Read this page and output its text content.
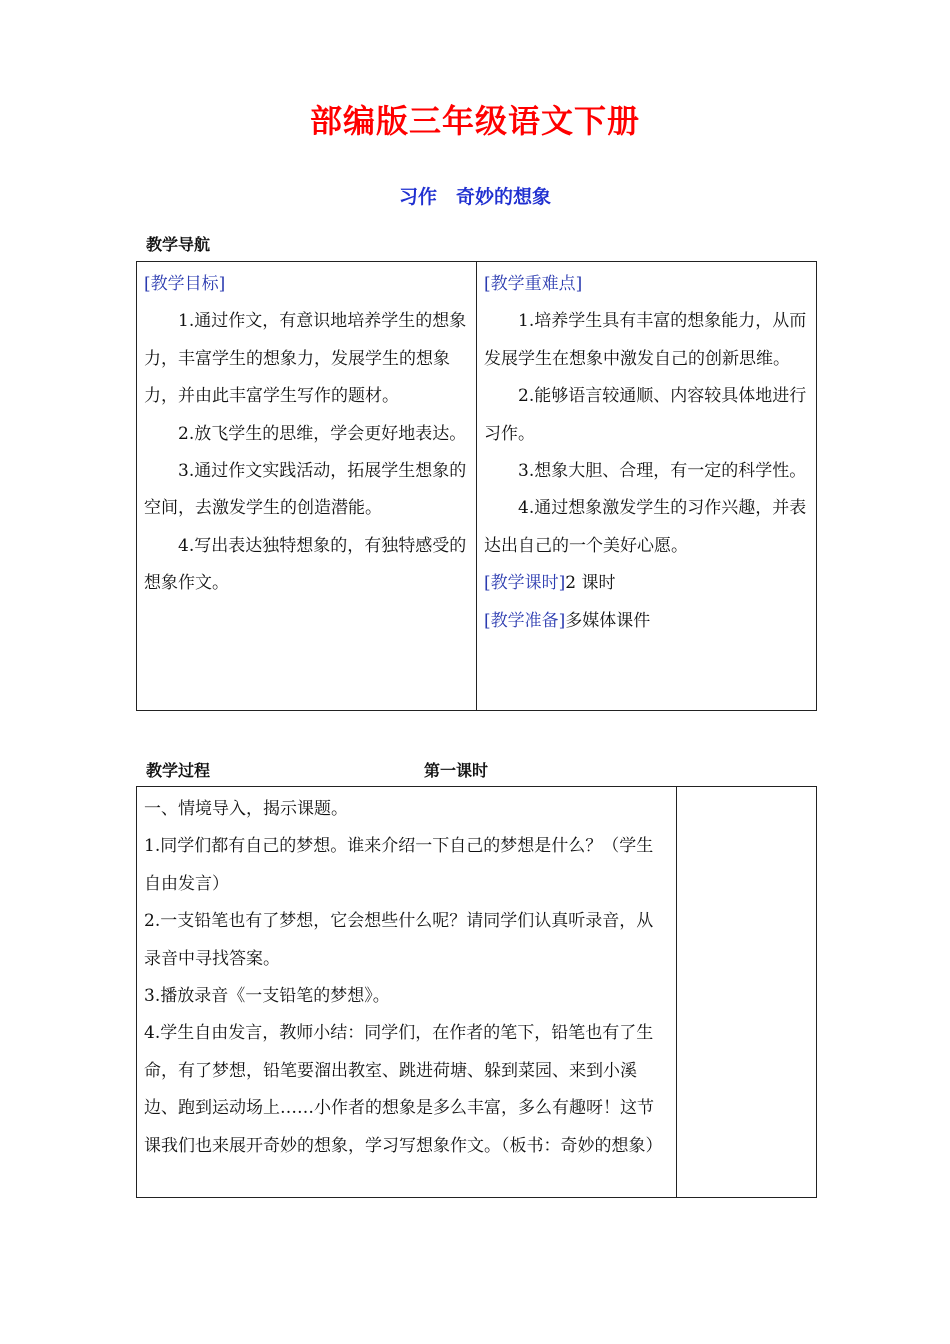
部编版三年级语文下册
习作　奇妙的想象
教学导航

[教学目标]

1.通过作文，有意识地培养学生的想象力，丰富学生的想象力，发展学生的想象力，并由此丰富学生写作的题材。

2.放飞学生的思维，学会更好地表达。

3.通过作文实践活动，拓展学生想象的空间，去激发学生的创造潜能。

4.写出表达独特想象的，有独特感受的想象作文。

[教学重难点]

1.培养学生具有丰富的想象能力，从而发展学生在想象中激发自己的创新思维。

2.能够语言较通顺、内容较具体地进行习作。

3.想象大胆、合理，有一定的科学性。

4.通过想象激发学生的习作兴趣，并表达出自己的一个美好心愿。

[教学课时]2 课时

[教学准备]多媒体课件

教学过程	第一课时

一、情境导入，揭示课题。

1.同学们都有自己的梦想。谁来介绍一下自己的梦想是什么？（学生自由发言）

2.一支铅笔也有了梦想，它会想些什么呢？请同学们认真听录音，从录音中寻找答案。

3.播放录音《一支铅笔的梦想》。

4.学生自由发言，教师小结：同学们，在作者的笔下，铅笔也有了生命，有了梦想，铅笔要溜出教室、跳进荷塘、躲到菜园、来到小溪边、跑到运动场上……小作者的想象是多么丰富，多么有趣呀！这节课我们也来展开奇妙的想象，学习写想象作文。（板书：奇妙的想象）
